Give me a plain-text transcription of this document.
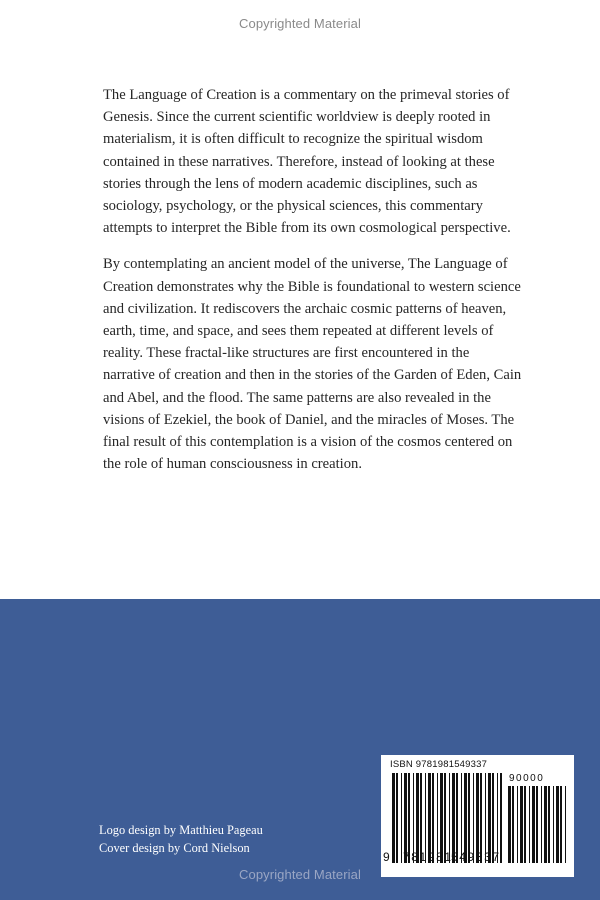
Copyrighted Material

The Language of Creation is a commentary on the primeval stories of Genesis. Since the current scientific worldview is deeply rooted in materialism, it is often difficult to recognize the spiritual wisdom contained in these narratives. Therefore, instead of looking at these stories through the lens of modern academic disciplines, such as sociology, psychology, or the physical sciences, this commentary attempts to interpret the Bible from its own cosmological perspective.

By contemplating an ancient model of the universe, The Language of Creation demonstrates why the Bible is foundational to western science and civilization. It rediscovers the archaic cosmic patterns of heaven, earth, time, and space, and sees them repeated at different levels of reality. These fractal-like structures are first encountered in the narrative of creation and then in the stories of the Garden of Eden, Cain and Abel, and the flood. The same patterns are also revealed in the visions of Ezekiel, the book of Daniel, and the miracles of Moses. The final result of this contemplation is a vision of the cosmos centered on the role of human consciousness in creation.

Logo design by Matthieu Pageau
Cover design by Cord Nielson
ISBN 9781981549337
90000
9 781981
549337
Copyrighted Material
